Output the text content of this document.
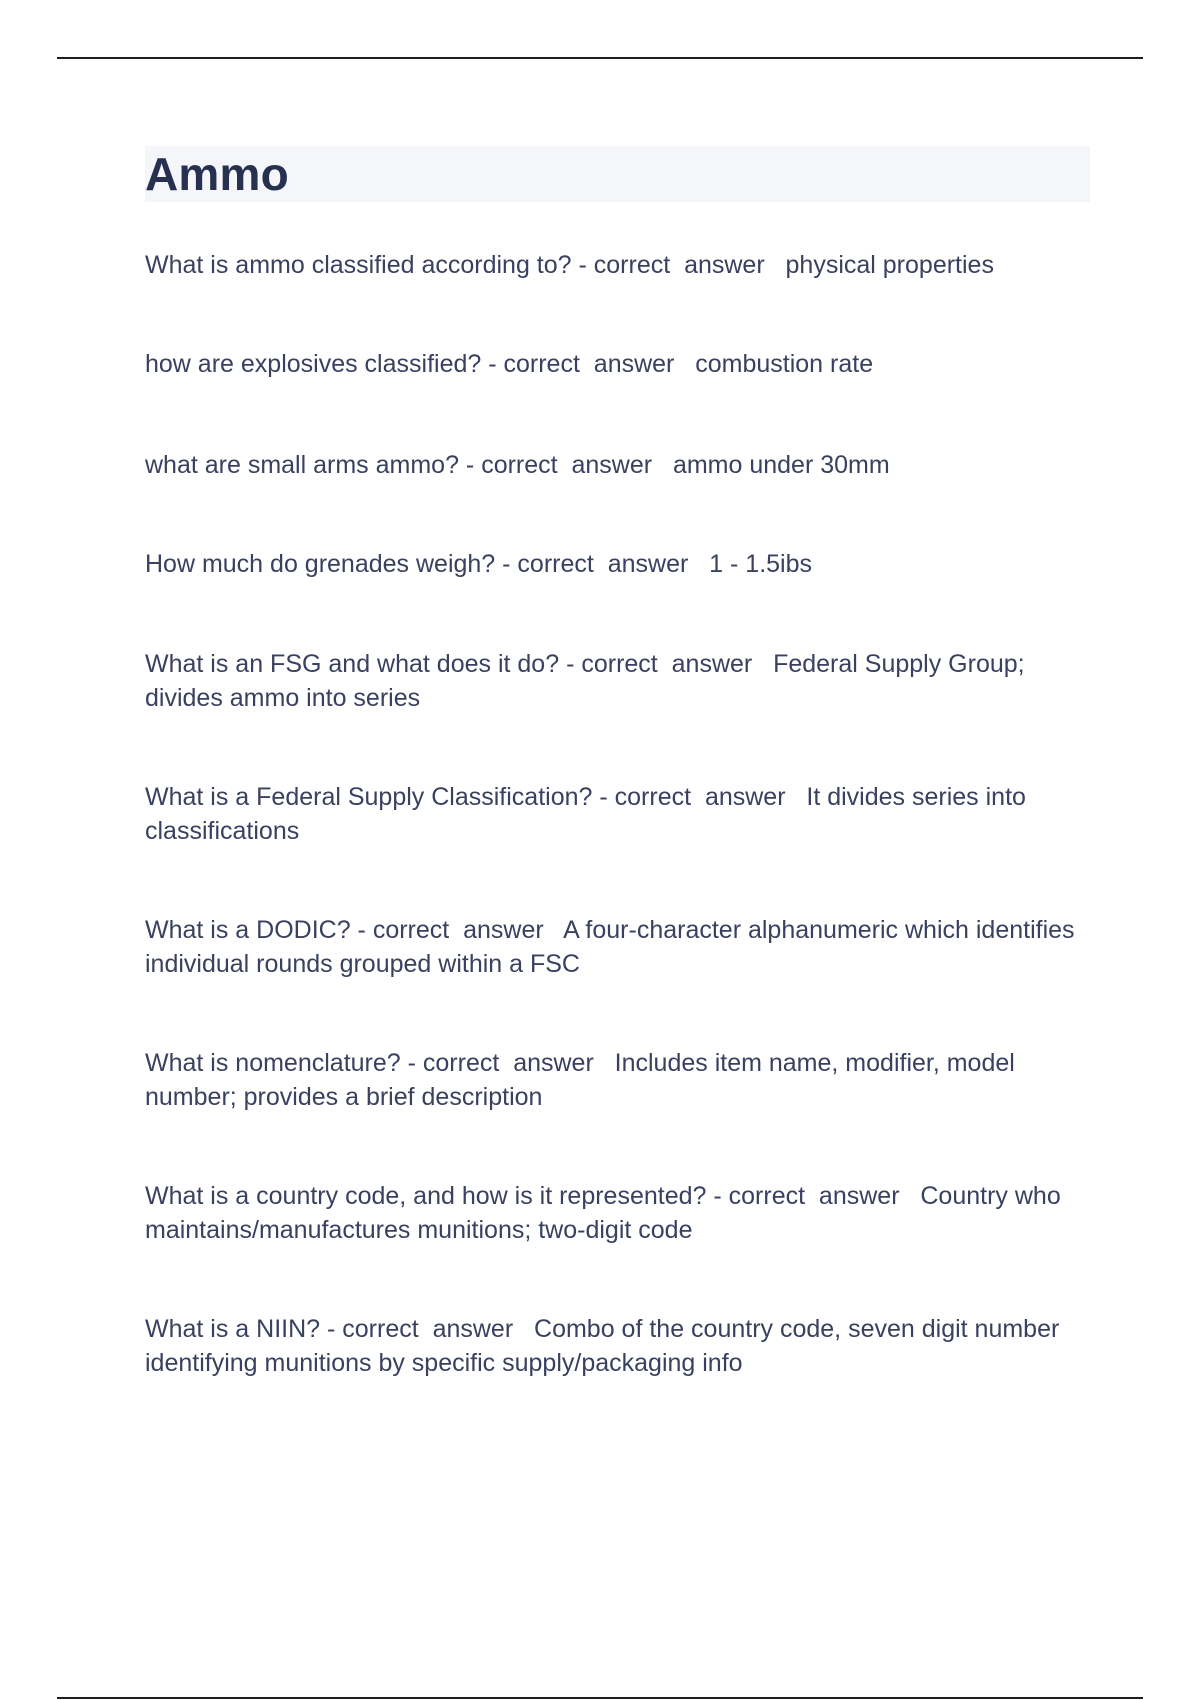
Ammo
What is ammo classified according to? - correct  answer   physical properties
how are explosives classified? - correct  answer   combustion rate
what are small arms ammo? - correct  answer   ammo under 30mm
How much do grenades weigh? - correct  answer   1 - 1.5ibs
What is an FSG and what does it do? - correct  answer   Federal Supply Group; divides ammo into series
What is a Federal Supply Classification? - correct  answer   It divides series into classifications
What is a DODIC? - correct  answer   A four-character alphanumeric which identifies individual rounds grouped within a FSC
What is nomenclature? - correct  answer   Includes item name, modifier, model number; provides a brief description
What is a country code, and how is it represented? - correct  answer   Country who maintains/manufactures munitions; two-digit code
What is a NIIN? - correct  answer   Combo of the country code, seven digit number identifying munitions by specific supply/packaging info
